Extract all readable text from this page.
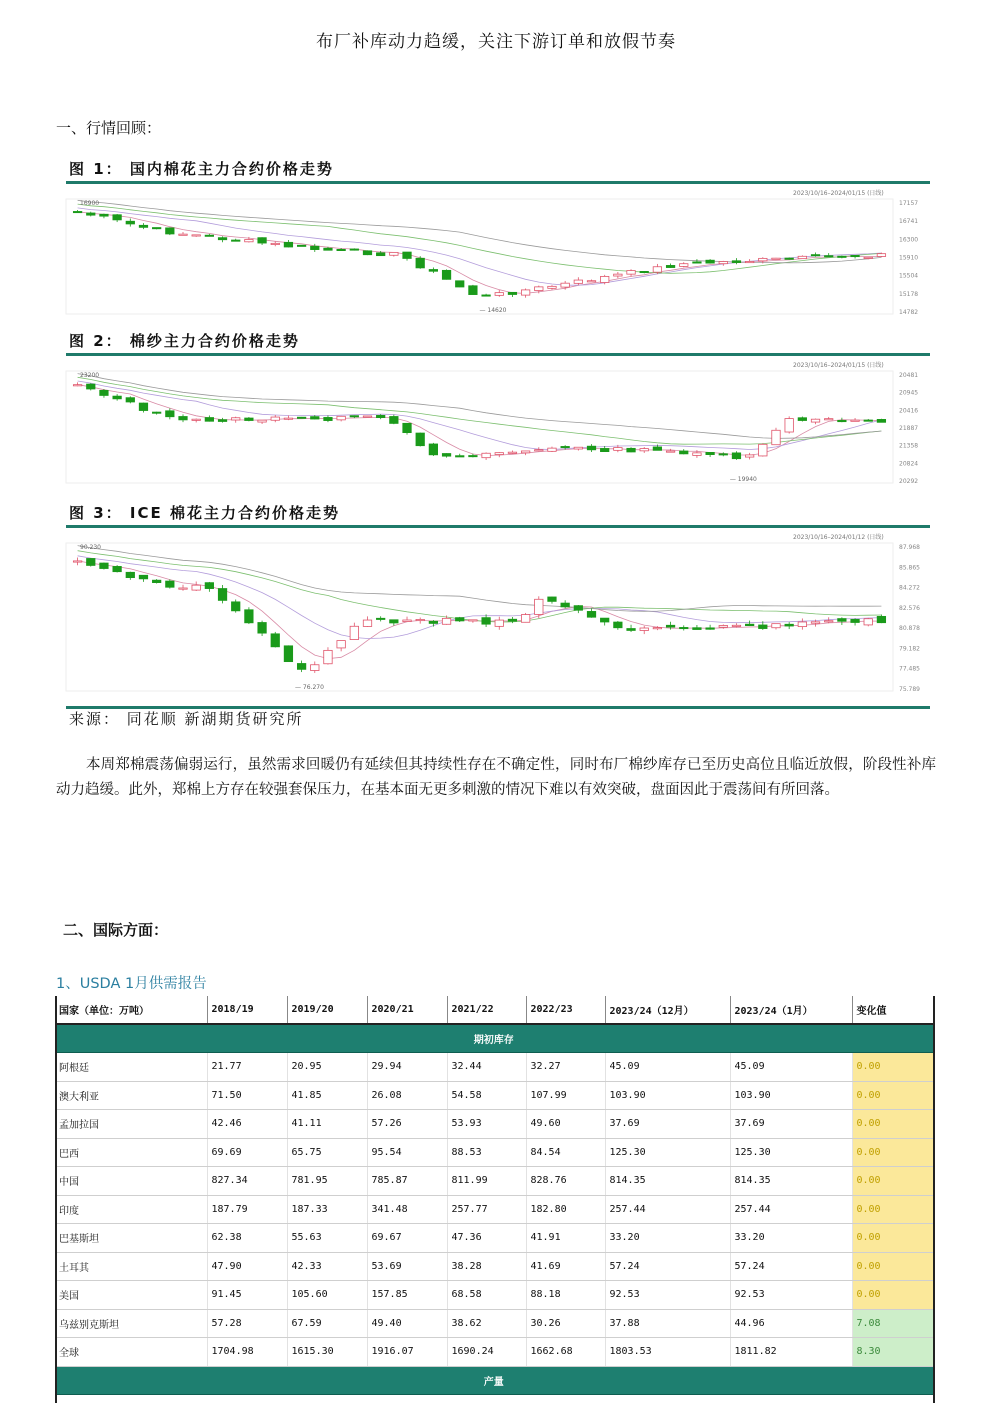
布厂补库动力趋缓，关注下游订单和放假节奏
一、行情回顾：
图 1： 国内棉花主力合约价格走势
17157
16741
16300
15910
15504
15178
14782
2023/10/16–2024/01/15 (日线)
16900
— 14620
图 2： 棉纱主力合约价格走势
20481
20945
20416
21887
21358
20824
20292
2023/10/16–2024/01/15 (日线)
23200
— 19940
图 3： ICE 棉花主力合约价格走势
87.968
85.865
84.272
82.576
80.878
79.182
77.485
75.789
2023/10/16–2024/01/12 (日线)
90.230
— 76.270
来源： 同花顺 新湖期货研究所
本周郑棉震荡偏弱运行，虽然需求回暖仍有延续但其持续性存在不确定性，同时布厂棉纱库存已至历史高位且临近放假，阶段性补库动力趋缓。此外，郑棉上方存在较强套保压力，在基本面无更多刺激的情况下难以有效突破，盘面因此于震荡间有所回落。
二、国际方面：
1、USDA 1月供需报告
国家（单位：万吨）	2018/19	2019/20	2020/21	2021/22	2022/23	2023/24（12月）	2023/24（1月）	变化值
期初库存								
阿根廷	21.77	20.95	29.94	32.44	32.27	45.09	45.09	0.00
澳大利亚	71.50	41.85	26.08	54.58	107.99	103.90	103.90	0.00
孟加拉国	42.46	41.11	57.26	53.93	49.60	37.69	37.69	0.00
巴西	69.69	65.75	95.54	88.53	84.54	125.30	125.30	0.00
中国	827.34	781.95	785.87	811.99	828.76	814.35	814.35	0.00
印度	187.79	187.33	341.48	257.77	182.80	257.44	257.44	0.00
巴基斯坦	62.38	55.63	69.67	47.36	41.91	33.20	33.20	0.00
土耳其	47.90	42.33	53.69	38.28	41.69	57.24	57.24	0.00
美国	91.45	105.60	157.85	68.58	88.18	92.53	92.53	0.00
乌兹别克斯坦	57.28	67.59	49.40	38.62	30.26	37.88	44.96	7.08
全球	1704.98	1615.30	1916.07	1690.24	1662.68	1803.53	1811.82	8.30
产量								
